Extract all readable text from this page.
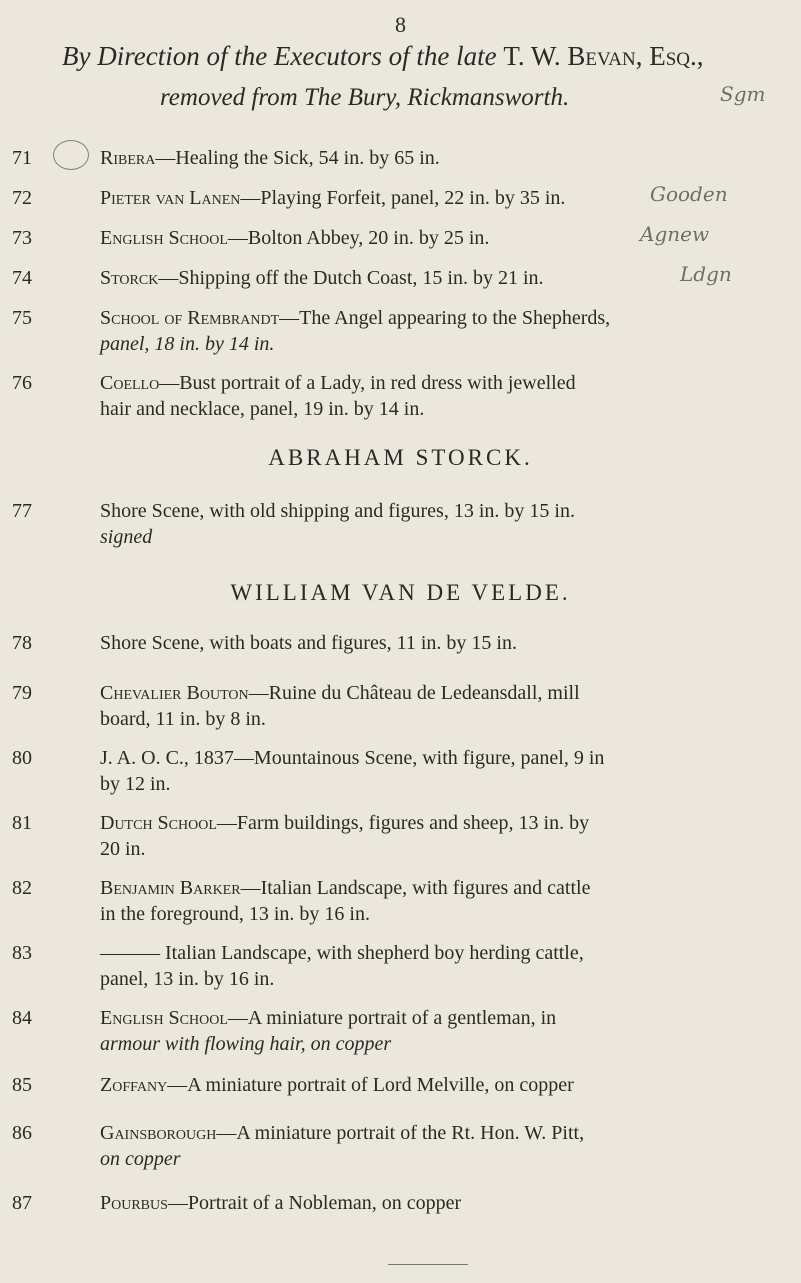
8
By Direction of the Executors of the late T. W. Bevan, Esq.,
removed from The Bury, Rickmansworth.
71	Ribera—Healing the Sick, 54 in. by 65 in.
72	Pieter van Lanen—Playing Forfeit, panel, 22 in. by 35 in.
73	English School—Bolton Abbey, 20 in. by 25 in.
74	Storck—Shipping off the Dutch Coast, 15 in. by 21 in.
75	School of Rembrandt—The Angel appearing to the Shepherds,
panel, 18 in. by 14 in.
76	Coello—Bust portrait of a Lady, in red dress with jewelled
hair and necklace, panel, 19 in. by 14 in.
ABRAHAM STORCK.
77	Shore Scene, with old shipping and figures, 13 in. by 15 in.
signed
WILLIAM VAN DE VELDE.
78	Shore Scene, with boats and figures, 11 in. by 15 in.
79	Chevalier Bouton—Ruine du Château de Ledeansdall, mill
board, 11 in. by 8 in.
80	J. A. O. C., 1837—Mountainous Scene, with figure, panel, 9 in
by 12 in.
81	Dutch School—Farm buildings, figures and sheep, 13 in. by
20 in.
82	Benjamin Barker—Italian Landscape, with figures and cattle
in the foreground, 13 in. by 16 in.
83	——— Italian Landscape, with shepherd boy herding cattle,
panel, 13 in. by 16 in.
84	English School—A miniature portrait of a gentleman, in
armour with flowing hair, on copper
85	Zoffany—A miniature portrait of Lord Melville, on copper
86	Gainsborough—A miniature portrait of the Rt. Hon. W. Pitt,
on copper
87	Pourbus—Portrait of a Nobleman, on copper
Gooden
Agnew
Ldgn
Sgm
